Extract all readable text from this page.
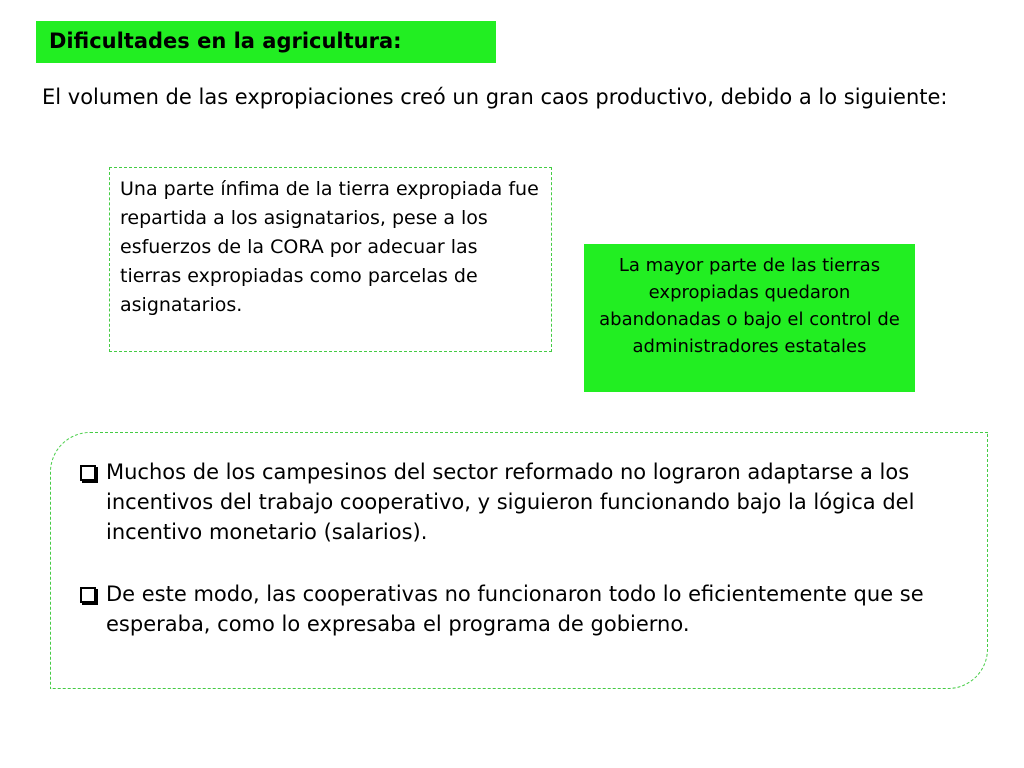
Dificultades en la agricultura:
El volumen de las expropiaciones creó un gran caos productivo, debido a lo siguiente:
Una parte ínfima de la tierra expropiada fue repartida a los asignatarios, pese a los esfuerzos de la CORA por adecuar las tierras expropiadas como parcelas de asignatarios.
La mayor parte de las tierras expropiadas quedaron abandonadas o bajo el control de administradores estatales
Muchos de los campesinos del sector reformado no lograron adaptarse a los incentivos del trabajo cooperativo, y siguieron funcionando bajo la lógica del incentivo monetario (salarios).
De este modo, las cooperativas no funcionaron todo lo eficientemente que se esperaba, como lo expresaba el programa de gobierno.
